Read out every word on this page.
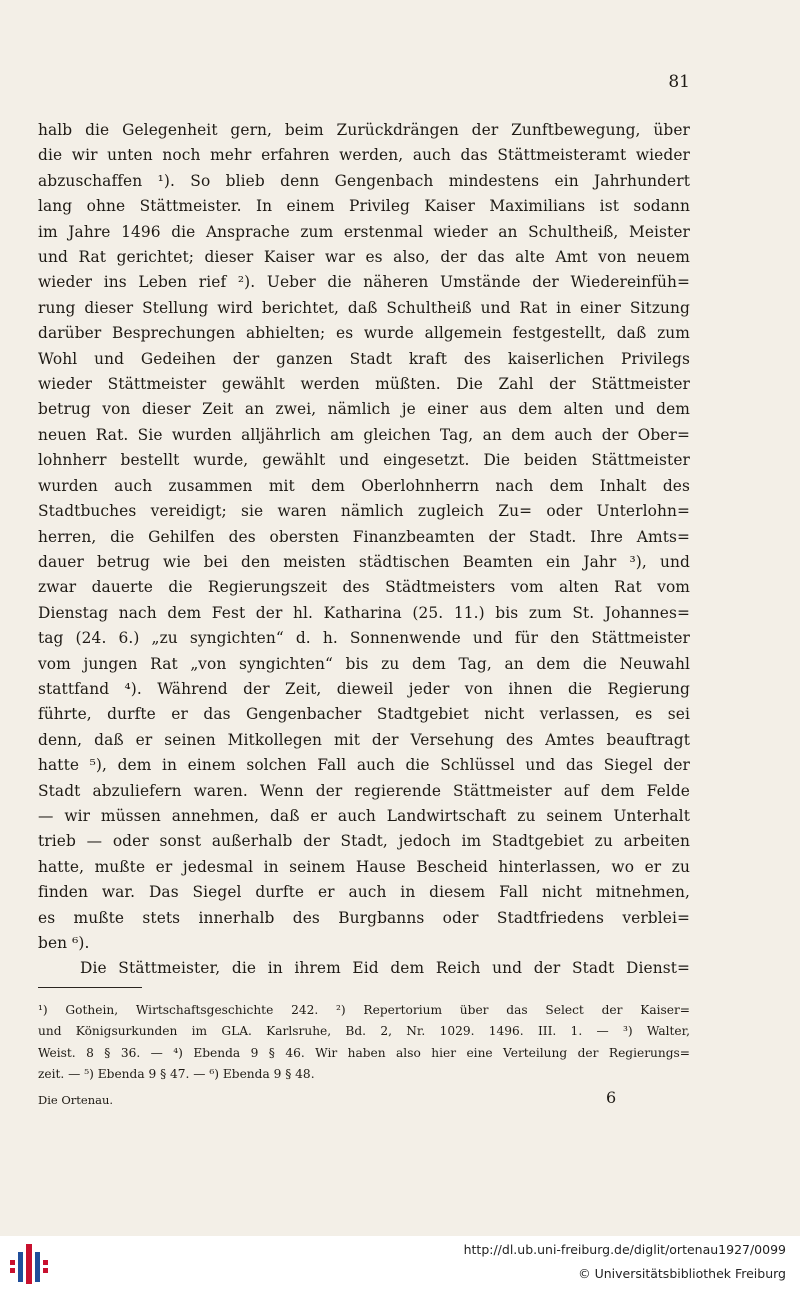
81
halb die Gelegenheit gern, beim Zurückdrängen der Zunftbewegung, über
die wir unten noch mehr erfahren werden, auch das Stättmeisteramt wieder
abzuschaffen ¹). So blieb denn Gengenbach mindestens ein Jahrhundert
lang ohne Stättmeister. In einem Privileg Kaiser Maximilians ist sodann
im Jahre 1496 die Ansprache zum erstenmal wieder an Schultheiß, Meister
und Rat gerichtet; dieser Kaiser war es also, der das alte Amt von neuem
wieder ins Leben rief ²). Ueber die näheren Umstände der Wiedereinfüh=
rung dieser Stellung wird berichtet, daß Schultheiß und Rat in einer Sitzung
darüber Besprechungen abhielten; es wurde allgemein festgestellt, daß zum
Wohl und Gedeihen der ganzen Stadt kraft des kaiserlichen Privilegs
wieder Stättmeister gewählt werden müßten. Die Zahl der Stättmeister
betrug von dieser Zeit an zwei, nämlich je einer aus dem alten und dem
neuen Rat. Sie wurden alljährlich am gleichen Tag, an dem auch der Ober=
lohnherr bestellt wurde, gewählt und eingesetzt. Die beiden Stättmeister
wurden auch zusammen mit dem Oberlohnherrn nach dem Inhalt des
Stadtbuches vereidigt; sie waren nämlich zugleich Zu= oder Unterlohn=
herren, die Gehilfen des obersten Finanzbeamten der Stadt. Ihre Amts=
dauer betrug wie bei den meisten städtischen Beamten ein Jahr ³), und
zwar dauerte die Regierungszeit des Städtmeisters vom alten Rat vom
Dienstag nach dem Fest der hl. Katharina (25. 11.) bis zum St. Johannes=
tag (24. 6.) „zu syngichten“ d. h. Sonnenwende und für den Stättmeister
vom jungen Rat „von syngichten“ bis zu dem Tag, an dem die Neuwahl
stattfand ⁴). Während der Zeit, dieweil jeder von ihnen die Regierung
führte, durfte er das Gengenbacher Stadtgebiet nicht verlassen, es sei
denn, daß er seinen Mitkollegen mit der Versehung des Amtes beauftragt
hatte ⁵), dem in einem solchen Fall auch die Schlüssel und das Siegel der
Stadt abzuliefern waren. Wenn der regierende Stättmeister auf dem Felde
— wir müssen annehmen, daß er auch Landwirtschaft zu seinem Unterhalt
trieb — oder sonst außerhalb der Stadt, jedoch im Stadtgebiet zu arbeiten
hatte, mußte er jedesmal in seinem Hause Bescheid hinterlassen, wo er zu
finden war. Das Siegel durfte er auch in diesem Fall nicht mitnehmen,
es mußte stets innerhalb des Burgbanns oder Stadtfriedens verblei=
ben ⁶).
Die Stättmeister, die in ihrem Eid dem Reich und der Stadt Dienst=
¹) Gothein, Wirtschaftsgeschichte 242. ²) Repertorium über das Select der Kaiser=
und Königsurkunden im GLA. Karlsruhe, Bd. 2, Nr. 1029. 1496. III. 1. — ³) Walter,
Weist. 8 § 36. — ⁴) Ebenda 9 § 46. Wir haben also hier eine Verteilung der Regierungs=
zeit. — ⁵) Ebenda 9 § 47. — ⁶) Ebenda 9 § 48.
Die Ortenau.	6
http://dl.ub.uni-freiburg.de/diglit/ortenau1927/0099
© Universitätsbibliothek Freiburg
